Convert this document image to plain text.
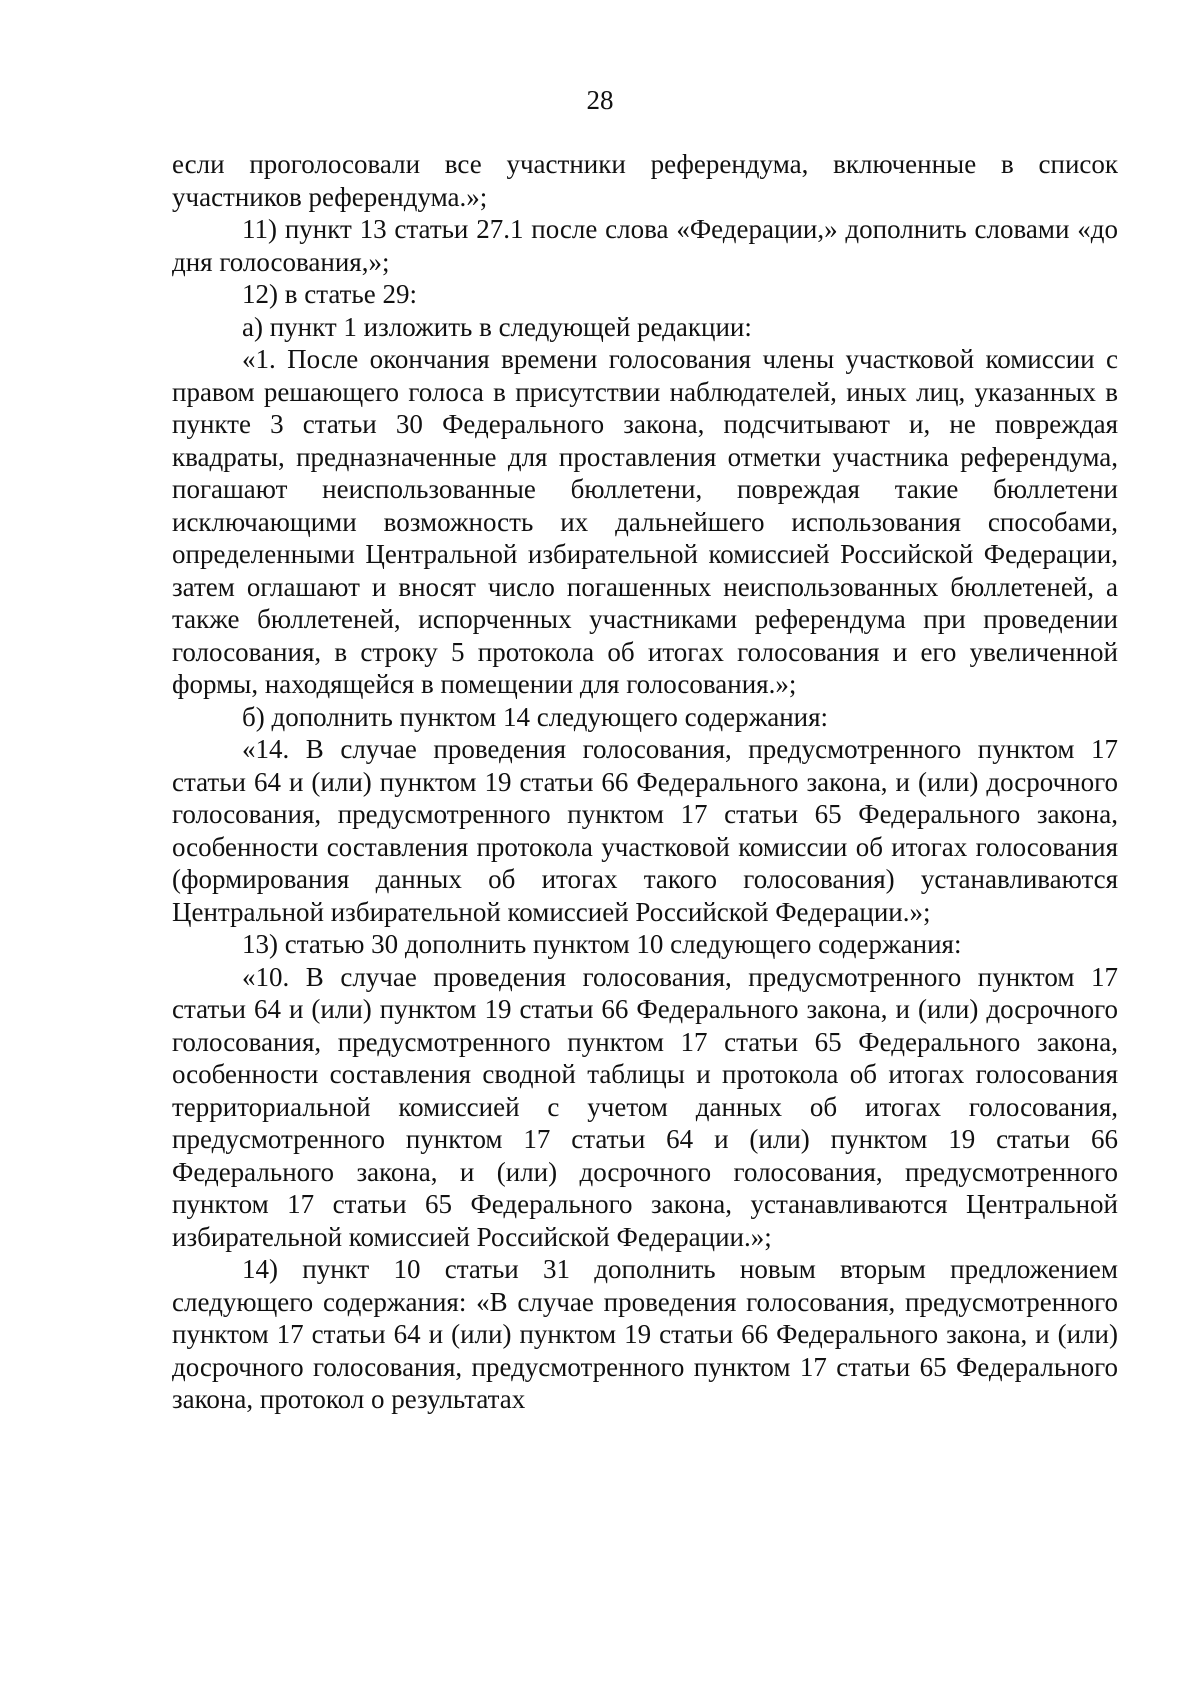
28

если проголосовали все участники референдума, включенные в список участников референдума.»;

11) пункт 13 статьи 27.1 после слова «Федерации,» дополнить словами «до дня голосования,»;

12) в статье 29:

а) пункт 1 изложить в следующей редакции:

«1. После окончания времени голосования члены участковой комиссии с правом решающего голоса в присутствии наблюдателей, иных лиц, указанных в пункте 3 статьи 30 Федерального закона, подсчитывают и, не повреждая квадраты, предназначенные для проставления отметки участника референдума, погашают неиспользованные бюллетени, повреждая такие бюллетени исключающими возможность их дальнейшего использования способами, определенными Центральной избирательной комиссией Российской Федерации, затем оглашают и вносят число погашенных неиспользованных бюллетеней, а также бюллетеней, испорченных участниками референдума при проведении голосования, в строку 5 протокола об итогах голосования и его увеличенной формы, находящейся в помещении для голосования.»;

б) дополнить пунктом 14 следующего содержания:

«14. В случае проведения голосования, предусмотренного пунктом 17 статьи 64 и (или) пунктом 19 статьи 66 Федерального закона, и (или) досрочного голосования, предусмотренного пунктом 17 статьи 65 Федерального закона, особенности составления протокола участковой комиссии об итогах голосования (формирования данных об итогах такого голосования) устанавливаются Центральной избирательной комиссией Российской Федерации.»;

13) статью 30 дополнить пунктом 10 следующего содержания:

«10. В случае проведения голосования, предусмотренного пунктом 17 статьи 64 и (или) пунктом 19 статьи 66 Федерального закона, и (или) досрочного голосования, предусмотренного пунктом 17 статьи 65 Федерального закона, особенности составления сводной таблицы и протокола об итогах голосования территориальной комиссией с учетом данных об итогах голосования, предусмотренного пунктом 17 статьи 64 и (или) пунктом 19 статьи 66 Федерального закона, и (или) досрочного голосования, предусмотренного пунктом 17 статьи 65 Федерального закона, устанавливаются Центральной избирательной комиссией Российской Федерации.»;

14) пункт 10 статьи 31 дополнить новым вторым предложением следующего содержания: «В случае проведения голосования, предусмотренного пунктом 17 статьи 64 и (или) пунктом 19 статьи 66 Федерального закона, и (или) досрочного голосования, предусмотренного пунктом 17 статьи 65 Федерального закона, протокол о результатах
